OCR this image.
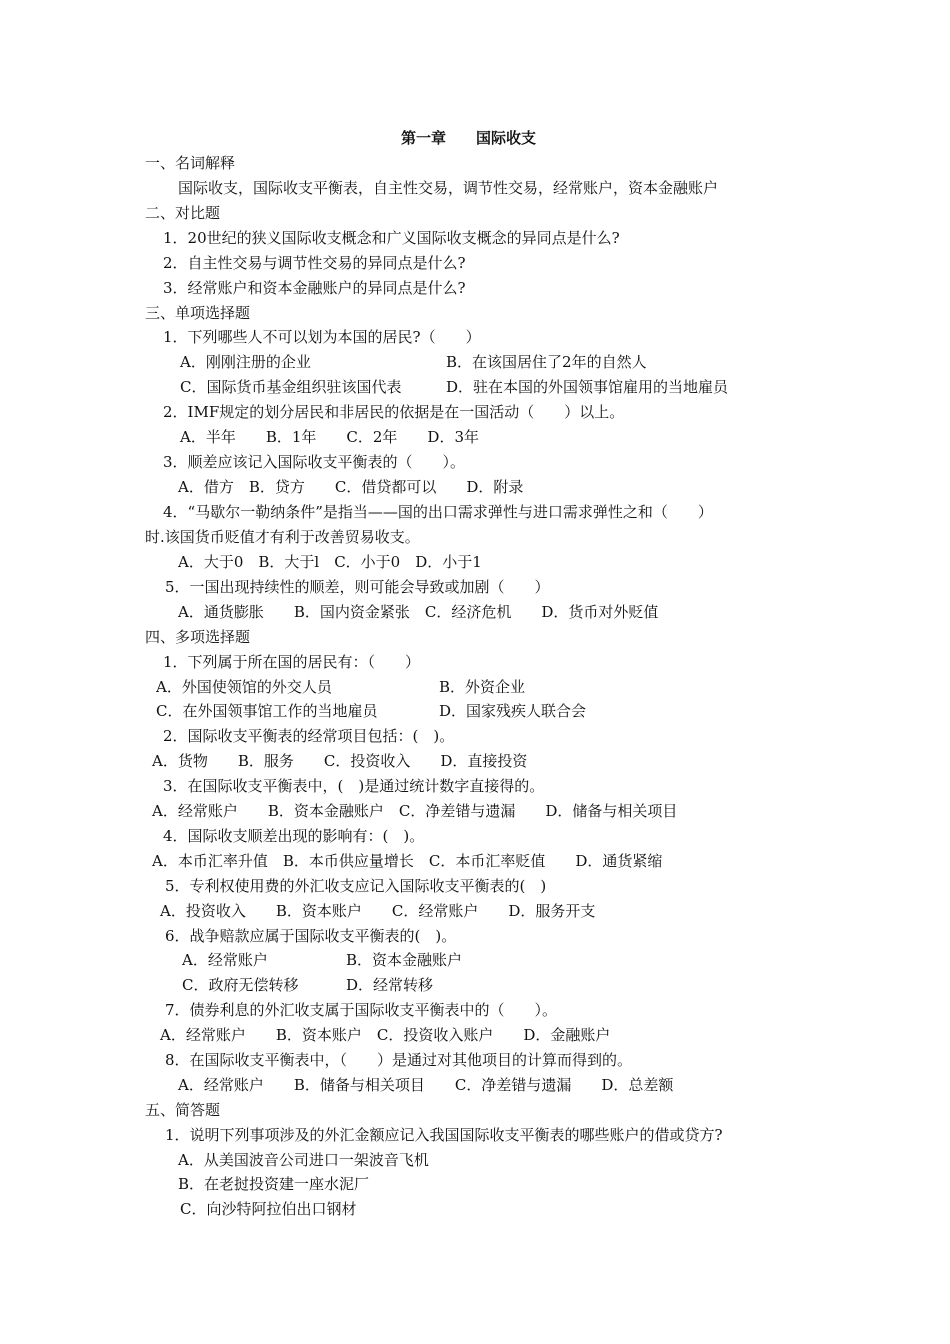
第一章　　国际收支
一、名词解释
国际收支，国际收支平衡表，自主性交易，调节性交易，经常账户，资本金融账户
二、对比题
1．20世纪的狭义国际收支概念和广义国际收支概念的异同点是什么?
2．自主性交易与调节性交易的异同点是什么?
3．经常账户和资本金融账户的异同点是什么?
三、单项选择题
1．下列哪些人不可以划为本国的居民?（　　）
A．刚刚注册的企业	B．在该国居住了2年的自然人
C．国际货币基金组织驻该国代表	D．驻在本国的外国领事馆雇用的当地雇员
2．IMF规定的划分居民和非居民的依据是在一国活动（　　）以上。
A．半年　　B．1年　　C．2年　　D．3年
3．顺差应该记入国际收支平衡表的（　　）。
A．借方　B．贷方　　C．借贷都可以　　D．附录
4．“马歇尔一勒纳条件”是指当——国的出口需求弹性与进口需求弹性之和（　　）
时.该国货币贬值才有利于改善贸易收支。
A．大于0　B．大于l　C．小于0　D．小于1
5．一国出现持续性的顺差，则可能会导致或加剧（　　）
A．通货膨胀　　B．国内资金紧张　C．经济危机　　D．货币对外贬值
四、多项选择题
1．下列属于所在国的居民有：（　　）
A．外国使领馆的外交人员	B．外资企业
C．在外国领事馆工作的当地雇员	D．国家残疾人联合会
2．国际收支平衡表的经常项目包括：(　)。
A．货物　　B．服务　　C．投资收入　　D．直接投资
3．在国际收支平衡表中，(　)是通过统计数字直接得的。
A．经常账户　　B．资本金融账户　C．净差错与遗漏　　D．储备与相关项目
4．国际收支顺差出现的影响有：(　)。
A．本币汇率升值　B．本币供应量增长　C．本币汇率贬值　　D．通货紧缩
5．专利权使用费的外汇收支应记入国际收支平衡表的(　)
A．投资收入　　B．资本账户　　C．经常账户　　D．服务开支
6．战争赔款应属于国际收支平衡表的(　)。
A．经常账户	B．资本金融账户
C．政府无偿转移	D．经常转移
7．债券利息的外汇收支属于国际收支平衡表中的（　　）。
A．经常账户　　B．资本账户　C．投资收入账户　　D．金融账户
8．在国际收支平衡表中，（　　）是通过对其他项目的计算而得到的。
A．经常账户　　B．储备与相关项目　　C．净差错与遗漏　　D．总差额
五、简答题
1．说明下列事项涉及的外汇金额应记入我国国际收支平衡表的哪些账户的借或贷方?
A．从美国波音公司进口一架波音飞机
B．在老挝投资建一座水泥厂
C．向沙特阿拉伯出口钢材
